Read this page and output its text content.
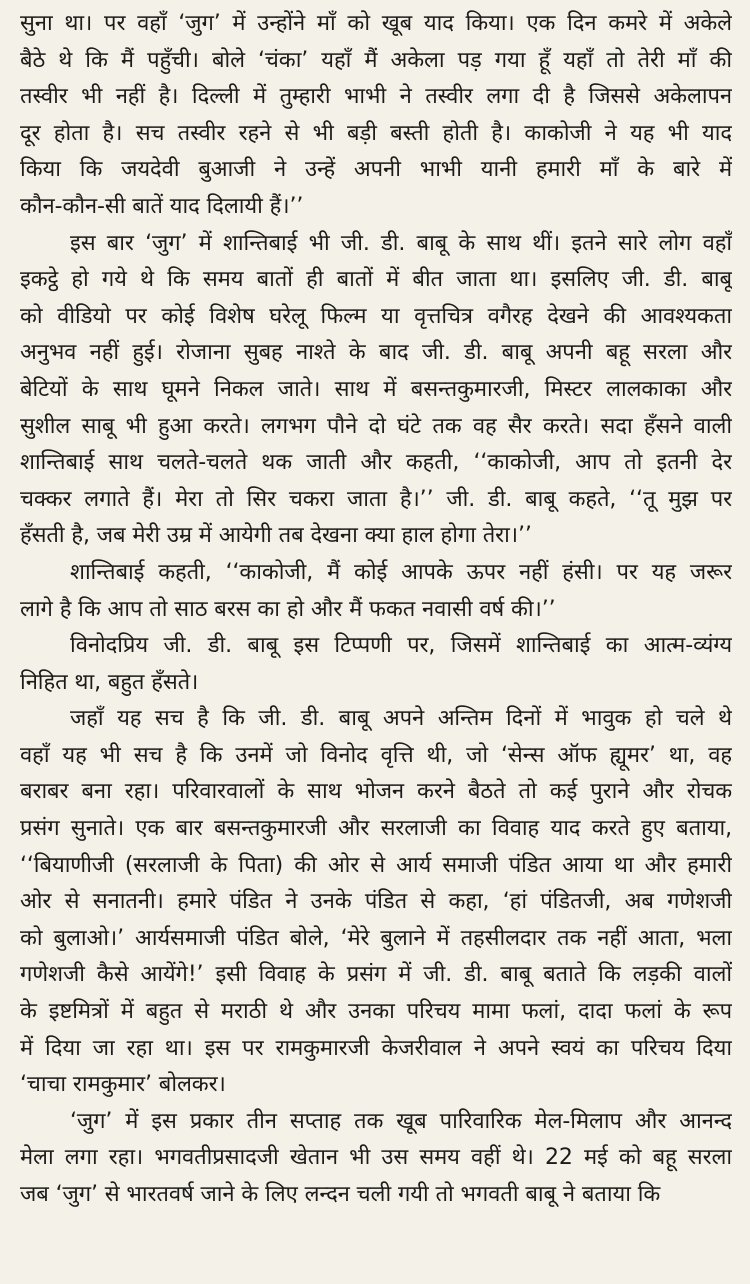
सुना था। पर वहाँ ‘जुग’ में उन्होंने माँ को खूब याद किया। एक दिन कमरे में अकेले
बैठे थे कि मैं पहुँची। बोले ‘चंका’ यहाँ मैं अकेला पड़ गया हूँ यहाँ तो तेरी माँ की
तस्वीर भी नहीं है। दिल्ली में तुम्हारी भाभी ने तस्वीर लगा दी है जिससे अकेलापन
दूर होता है। सच तस्वीर रहने से भी बड़ी बस्ती होती है। काकोजी ने यह भी याद
किया कि जयदेवी बुआजी ने उन्हें अपनी भाभी यानी हमारी माँ के बारे में
कौन-कौन-सी बातें याद दिलायी हैं।’’
इस बार ‘जुग’ में शान्तिबाई भी जी. डी. बाबू के साथ थीं। इतने सारे लोग वहाँ
इकट्ठे हो गये थे कि समय बातों ही बातों में बीत जाता था। इसलिए जी. डी. बाबू
को वीडियो पर कोई विशेष घरेलू फिल्म या वृत्तचित्र वगैरह देखने की आवश्यकता
अनुभव नहीं हुई। रोजाना सुबह नाश्ते के बाद जी. डी. बाबू अपनी बहू सरला और
बेटियों के साथ घूमने निकल जाते। साथ में बसन्तकुमारजी, मिस्टर लालकाका और
सुशील साबू भी हुआ करते। लगभग पौने दो घंटे तक वह सैर करते। सदा हँसने वाली
शान्तिबाई साथ चलते-चलते थक जाती और कहती, ‘‘काकोजी, आप तो इतनी देर
चक्कर लगाते हैं। मेरा तो सिर चकरा जाता है।’’ जी. डी. बाबू कहते, ‘‘तू मुझ पर
हँसती है, जब मेरी उम्र में आयेगी तब देखना क्या हाल होगा तेरा।’’
शान्तिबाई कहती, ‘‘काकोजी, मैं कोई आपके ऊपर नहीं हंसी। पर यह जरूर
लागे है कि आप तो साठ बरस का हो और मैं फकत नवासी वर्ष की।’’
विनोदप्रिय जी. डी. बाबू इस टिप्पणी पर, जिसमें शान्तिबाई का आत्म-व्यंग्य
निहित था, बहुत हँसते।
जहाँ यह सच है कि जी. डी. बाबू अपने अन्तिम दिनों में भावुक हो चले थे
वहाँ यह भी सच है कि उनमें जो विनोद वृत्ति थी, जो ‘सेन्स ऑफ ह्यूमर’ था, वह
बराबर बना रहा। परिवारवालों के साथ भोजन करने बैठते तो कई पुराने और रोचक
प्रसंग सुनाते। एक बार बसन्तकुमारजी और सरलाजी का विवाह याद करते हुए बताया,
‘‘बियाणीजी (सरलाजी के पिता) की ओर से आर्य समाजी पंडित आया था और हमारी
ओर से सनातनी। हमारे पंडित ने उनके पंडित से कहा, ‘हां पंडितजी, अब गणेशजी
को बुलाओ।’ आर्यसमाजी पंडित बोले, ‘मेरे बुलाने में तहसीलदार तक नहीं आता, भला
गणेशजी कैसे आयेंगे!’ इसी विवाह के प्रसंग में जी. डी. बाबू बताते कि लड़की वालों
के इष्टमित्रों में बहुत से मराठी थे और उनका परिचय मामा फलां, दादा फलां के रूप
में दिया जा रहा था। इस पर रामकुमारजी केजरीवाल ने अपने स्वयं का परिचय दिया
‘चाचा रामकुमार’ बोलकर।
‘जुग’ में इस प्रकार तीन सप्ताह तक खूब पारिवारिक मेल-मिलाप और आनन्द
मेला लगा रहा। भगवतीप्रसादजी खेतान भी उस समय वहीं थे। 22 मई को बहू सरला
जब ‘जुग’ से भारतवर्ष जाने के लिए लन्दन चली गयी तो भगवती बाबू ने बताया कि
